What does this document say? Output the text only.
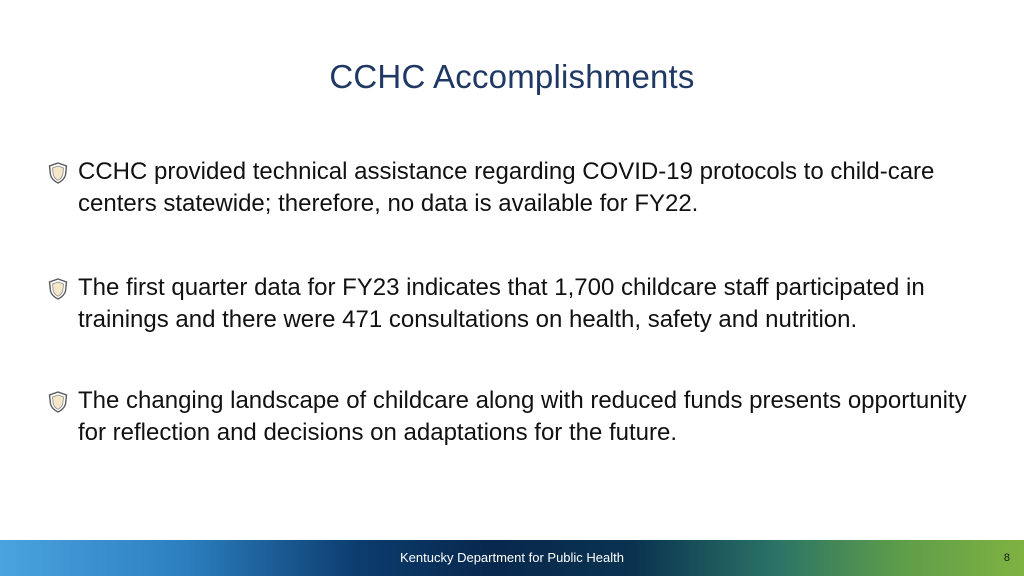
CCHC Accomplishments
CCHC provided technical assistance regarding COVID-19 protocols to child-care centers statewide; therefore, no data is available for FY22.
The first quarter data for FY23 indicates that 1,700 childcare staff participated in trainings and there were 471 consultations on health, safety and nutrition.
The changing landscape of childcare along with reduced funds presents opportunity for reflection and decisions on adaptations for the future.
Kentucky Department for Public Health	8
